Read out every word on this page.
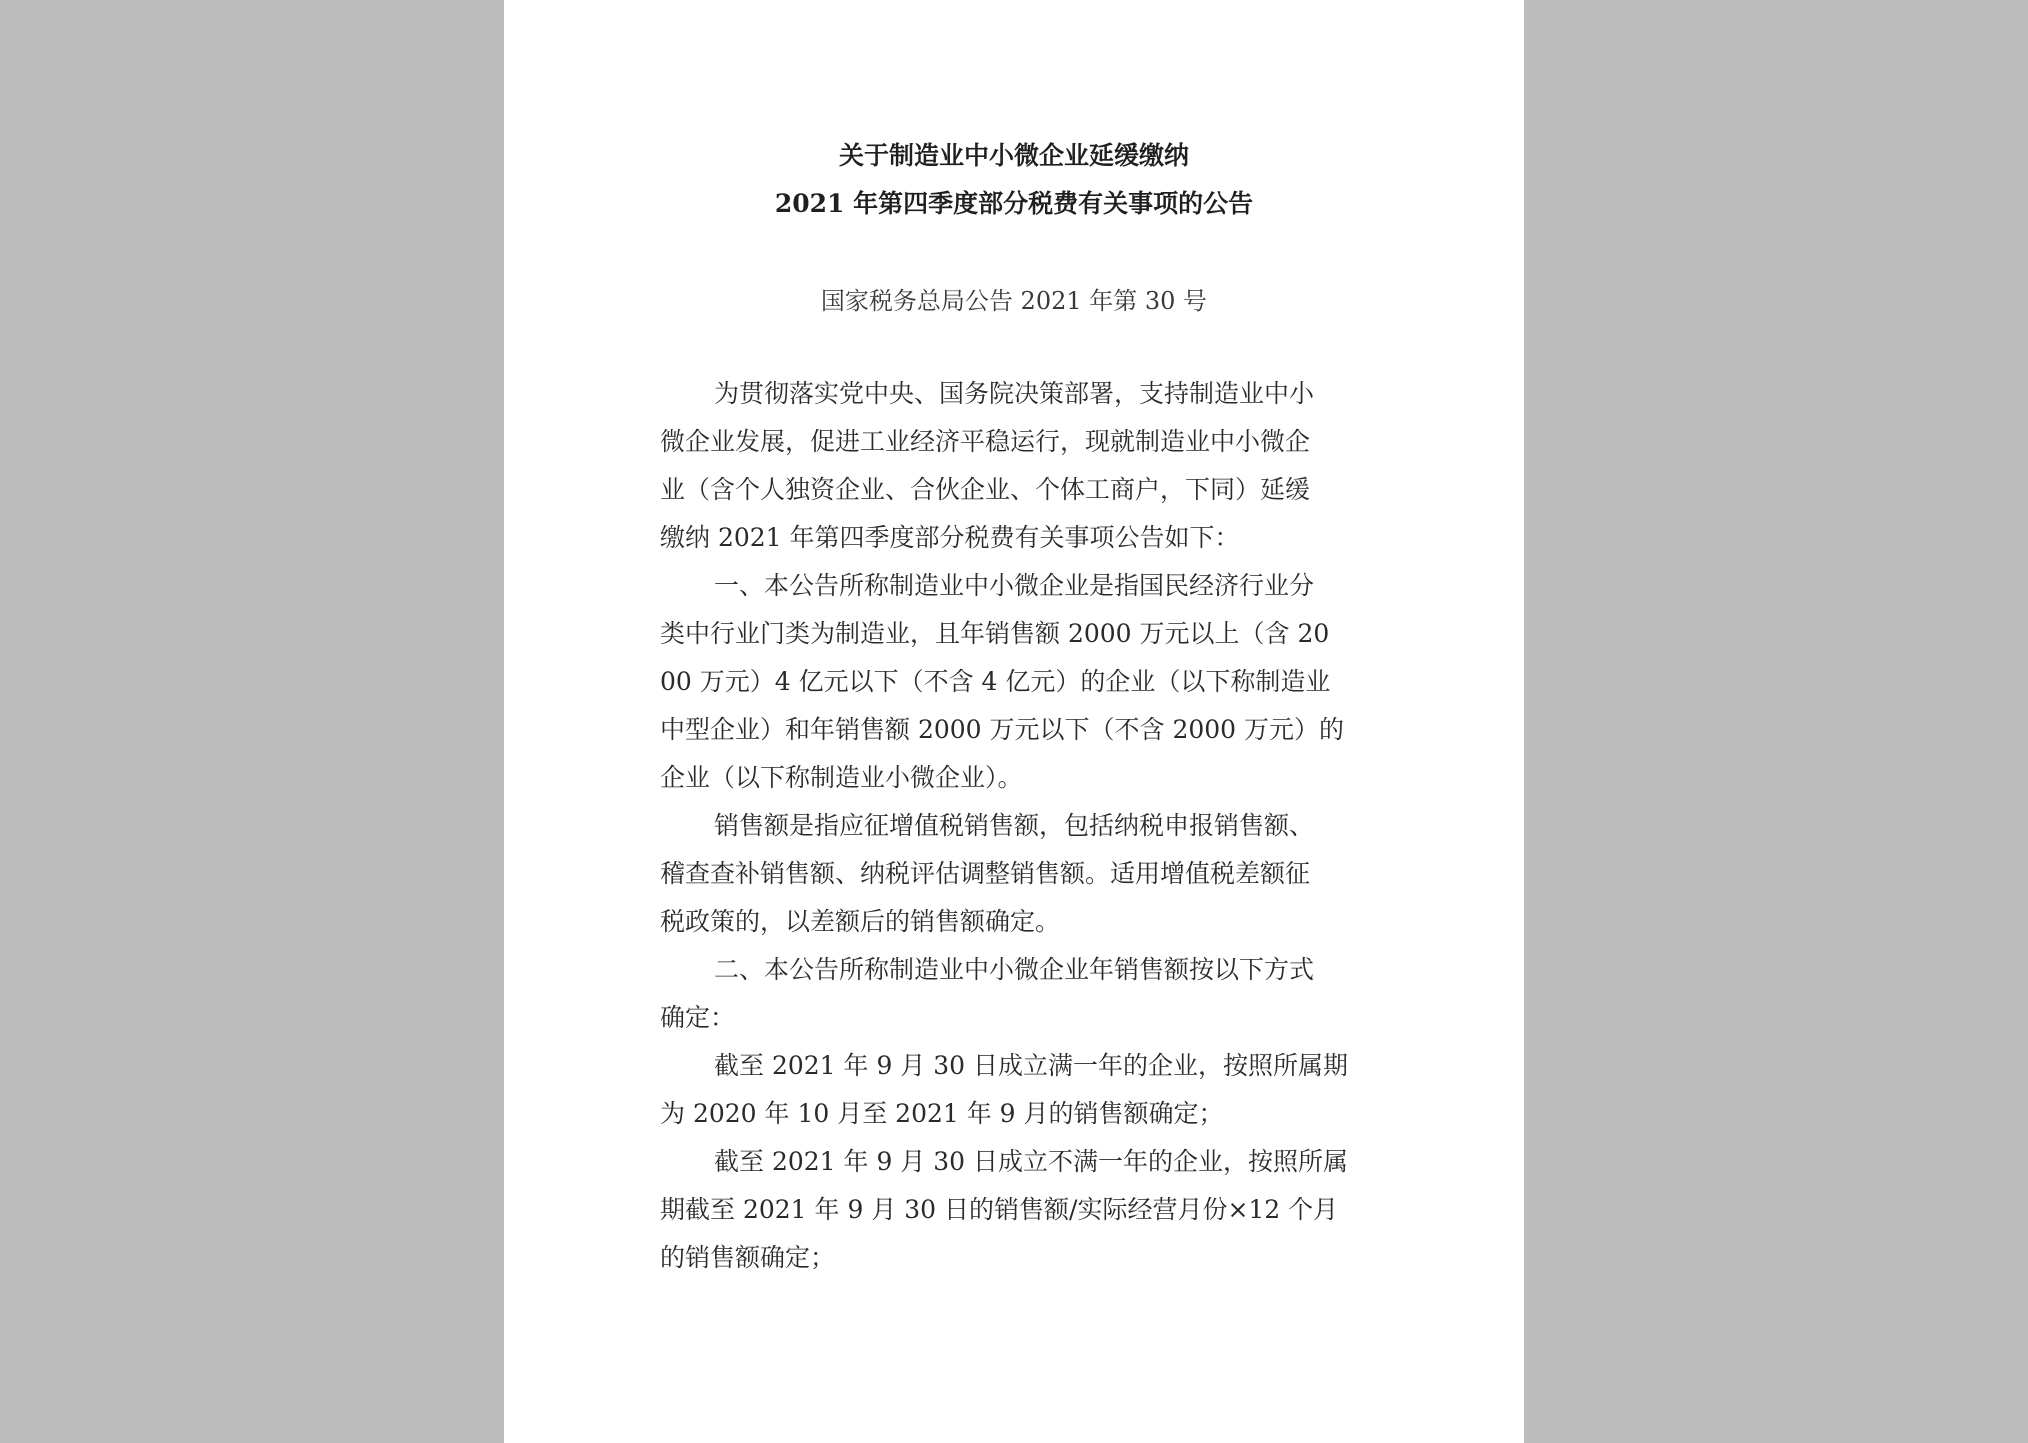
关于制造业中小微企业延缓缴纳
2021 年第四季度部分税费有关事项的公告
国家税务总局公告 2021 年第 30 号

为贯彻落实党中央、国务院决策部署，支持制造业中小

微企业发展，促进工业经济平稳运行，现就制造业中小微企

业（含个人独资企业、合伙企业、个体工商户，下同）延缓

缴纳 2021 年第四季度部分税费有关事项公告如下：

一、本公告所称制造业中小微企业是指国民经济行业分

类中行业门类为制造业，且年销售额 2000 万元以上（含 20

00 万元）4 亿元以下（不含 4 亿元）的企业（以下称制造业

中型企业）和年销售额 2000 万元以下（不含 2000 万元）的

企业（以下称制造业小微企业）。

销售额是指应征增值税销售额，包括纳税申报销售额、

稽查查补销售额、纳税评估调整销售额。适用增值税差额征

税政策的，以差额后的销售额确定。

二、本公告所称制造业中小微企业年销售额按以下方式

确定：

截至 2021 年 9 月 30 日成立满一年的企业，按照所属期

为 2020 年 10 月至 2021 年 9 月的销售额确定；

截至 2021 年 9 月 30 日成立不满一年的企业，按照所属

期截至 2021 年 9 月 30 日的销售额/实际经营月份×12 个月

的销售额确定；
